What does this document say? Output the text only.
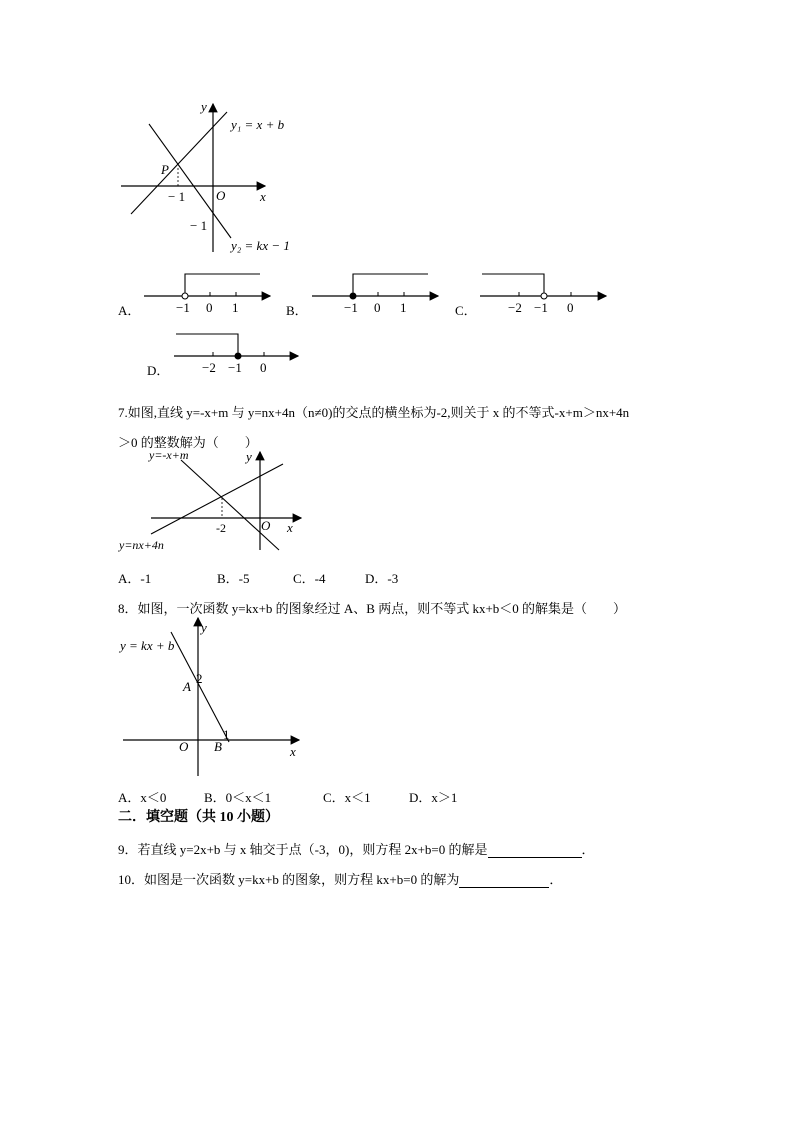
y
x
O
P
− 1
− 1
y₁ = x + b
y₂ = kx − 1
A．	−1 0 1	B．	−1 0 1	C． −2 −1 0
D．	−2 −1 0
7.如图,直线 y=-x+m 与 y=nx+4n（n≠0)的交点的横坐标为-2,则关于 x 的不等式-x+m＞nx+4n
＞0 的整数解为（　　）
y=-x+m
y=nx+4n
y
x
O
-2
A．-1	B．-5	C．-4	D．-3
8．如图，一次函数 y=kx+b 的图象经过 A、B 两点，则不等式 kx+b＜0 的解集是（　　）
y = kx + b
y
x
O
A
B
2
1
A．x＜0	B．0＜x＜1	C．x＜1	D．x＞1
二．填空题（共 10 小题）
9．若直线 y=2x+b 与 x 轴交于点（-3，0)，则方程 2x+b=0 的解是	．
10．如图是一次函数 y=kx+b 的图象，则方程 kx+b=0 的解为	．
